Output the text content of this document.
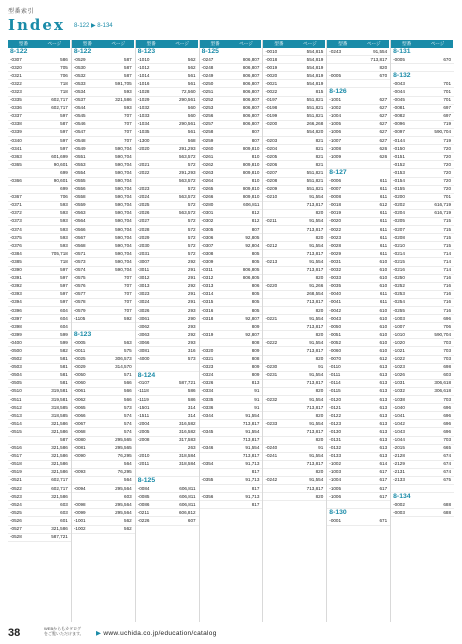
型番索引
Index 8-122 ▶ 8-134
型番	ページ
8-122
-0307	586
-0320	705
-0321	706
-0322	718
-0323	718
-0335	602,717
-0336	602,717
-0337	597
-0338	587
-0339	597
-0340	597
-0341	597
-0363	601,699
-0365	90,601
699
-0366	90,601
699
-0367	706
-0371	593
-0372	593
-0373	593
-0374	593
-0375	593
-0376	593
-0384	705,718
-0385	718
-0390	597
-0391	597
-0392	597
-0393	597
-0394	597
-0396	604
-0397	604
-0398	604
-0399	599
-0400	599
-0500	582
-0502	581
-0503	581
-0504	581
-0505	581
-0510	319,581
-0511	319,581
-0512	318,585
-0513	318,585
-0514	321,586
-0515	321,586
587
-0516	321,586
-0517	321,586
-0518	321,586
-0519	321,586
-0521	602,717
-0522	602,717
-0523	321,586
-0524	603
-0525	603
-0526	601
-0527	321,586
-0528	587,721
型番	ページ
8-122
-0529	587
-0530	587
-0532	587
-0533	591,705
-0534	593
-0537	321,586
-0544	593
-0545	707
-0546	707
-0547	707
-0548	707
-0549	590,704
-0551	590,704
-0553	590,704
-0554	590,704
-0555	590,704
-0556	590,704
-0558	590,704
-0559	590,704
-0563	590,704
-0564	590,704
-0566	590,704
-0567	590,704
-0568	590,704
-0571	590,704
-0573	590,704
-0574	590,704
-0575	707
-0576	707
-0577	707
-0578	707
-0579	707
-1105	592
8-123
-0005	563
-0011	575
-0025	306,573
-0029	314,570
-0050	571
-0060	566
-0061	566
-0062	566
-0065	573
-0066	574
-0067	574
-0068	574
-0080	295,565
-0081	295,565
-0090	76,295
564
-0093	76,295
564
-0094	295,564
603
-0098	295,564
-0099	295,564
-1001	562
-1002	562
型番	ページ
8-123
-1010	562
-1012	562
-1014	561
-1016	561
-1028	72,560
-1029	290,561
-1032	560
-1033	560
-1034	290,561
-1035	561
-1300	568
-2020	291,293
563,572
-2021	572
-2022	291,293
563,572
-2023	572
-2024	563,572
-2025	572
-2026	563,572
-2027	572
-2028	572
-2029	572
-2030	572
-2031	572
-3007	292
-3011	291
-3012	291
-3013	292
-3023	291
-3024	291
-3026	293
-3061	290
-3062	293
-3063	292
-3066	293
-3081	316
-4000	573
8-124
-0107	587,721
-1118	586
-1119	586
-1501	314
-1511	314
-2004	316,582
-2005	316,582
-2008	317,583
263
-2010	318,584
-2011	318,584
8-125
-0084	606,811
-0085	606,811
-0086	606,811
-0211	606,812
-0226	607
型番	ページ
8-125
-0247	806,807
-0248	806,807
-0249	806,807
-0250	806,807
-0251	806,807
-0252	806,807
-0253	806,807
-0256	806,807
-0257	806,807
-0258	807
-0259	807
-0260	809,810
-0261	810
-0262	809,810
-0263	809,810
-0264	810
-0265	809,810
-0266	809,810
-0280	606,811
-0301	812
-0302	812
-0305	807
-0306	92,805
-0307	92,804
-0308	805
-0309	805
-0311	806,805
-0312	806,805
-0313	806
-0314	805
-0315	805
-0316	805
-0318	92,807
809
-0319	92,807
808
-0320	809
-0321	808
-0323	809
-0324	809
-0326	813
-0334	91
-0335	91
-0336	91
-0344	91,554
713,817
-0345	91,554
713,817
-0346	91,554
713,817
-0354	91,713
817
-0355	91,713
817
-0356	91,713
817
型番	ページ
-0010	554,815
-0018	554,819
-0019	554,819
-0020	554,819
-0021	554,819
-0022	815
-0197	551,821
-0198	551,821
-0199	551,821
-0200	266,268
554,820
-0203	821
-0204	821
-0205	821
-0206	821
-0207	551,821
-0208	551,821
-0209	551,821
-0210	91,554
713,817
820
-0211	91,554
713,817
820
-0212	91,554
713,817
-0213	91,554
713,817
820
-0220	91,266
268,554
713,817
820
-0221	91,554
713,817
820
-0222	91,554
713,817
820
-0230	91
-0231	91,554
713,817
820
-0232	91,554
713,817
820
-0233	91,554
713,817
820
-0240	91
-0241	91,554
713,817
820
-0242	91,554
713,817
820
型番	ページ
-0243	91,554
713,817
820
-0005	670
8-126
-1001	627
-1002	627
-1004	627
-1005	627
-1006	627
-1007	627
-1008	626
-1009	626
8-127
-0006	611
-0007	611
-0008	611
-0018	612
-0019	611
-0020	611
-0022	611
-0023	611
-0028	611
-0029	611
-0031	610
-0032	610
-0033	610
-0035	610
-0040	611
-0041	611
-0042	610
-0043	610
-0050	610
-0051	610
-0052	610
-0060	610
-0070	612
-0110	613
-0111	613
-0114	613
-0115	613
-0120	613
-0121	613
-0122	613
-0123	613
-0130	613
-0131	613
-0132	613
-0133	613
-1002	614
-1003	617
-1004	617
-1005	617
-1006	617
8-130
-0001	671
型番	ページ
8-131
-0005	670
8-132
-0043	701
-0044	701
-0045	701
-0081	697
-0082	697
-0096	719
-0097	590,704
-0144	719
-0150	720
-0151	720
-0152	720
-0153	720
-0154	720
-0155	720
-0200	701
-0202	616,719
-0204	616,719
-0205	715
-0207	715
-0208	715
-0210	715
-0214	714
-0215	714
-0216	714
-0250	716
-0252	716
-0253	716
-0254	716
-0255	716
-1003	696
-1007	706
-1010	590,704
-1020	703
-1021	703
-1022	703
-1023	698
-1026	603
-1031	306,618
-1032	306,618
-1038	703
-1040	696
-1041	696
-1042	696
-1043	696
-1044	703
-2015	665
-2128	674
-2129	674
-2131	674
-2133	675
8-134
-0002	688
-0003	688
38	WEBからもカタログをご覧いただけます。 ▶ www.uchida.co.jp/education/catalog
